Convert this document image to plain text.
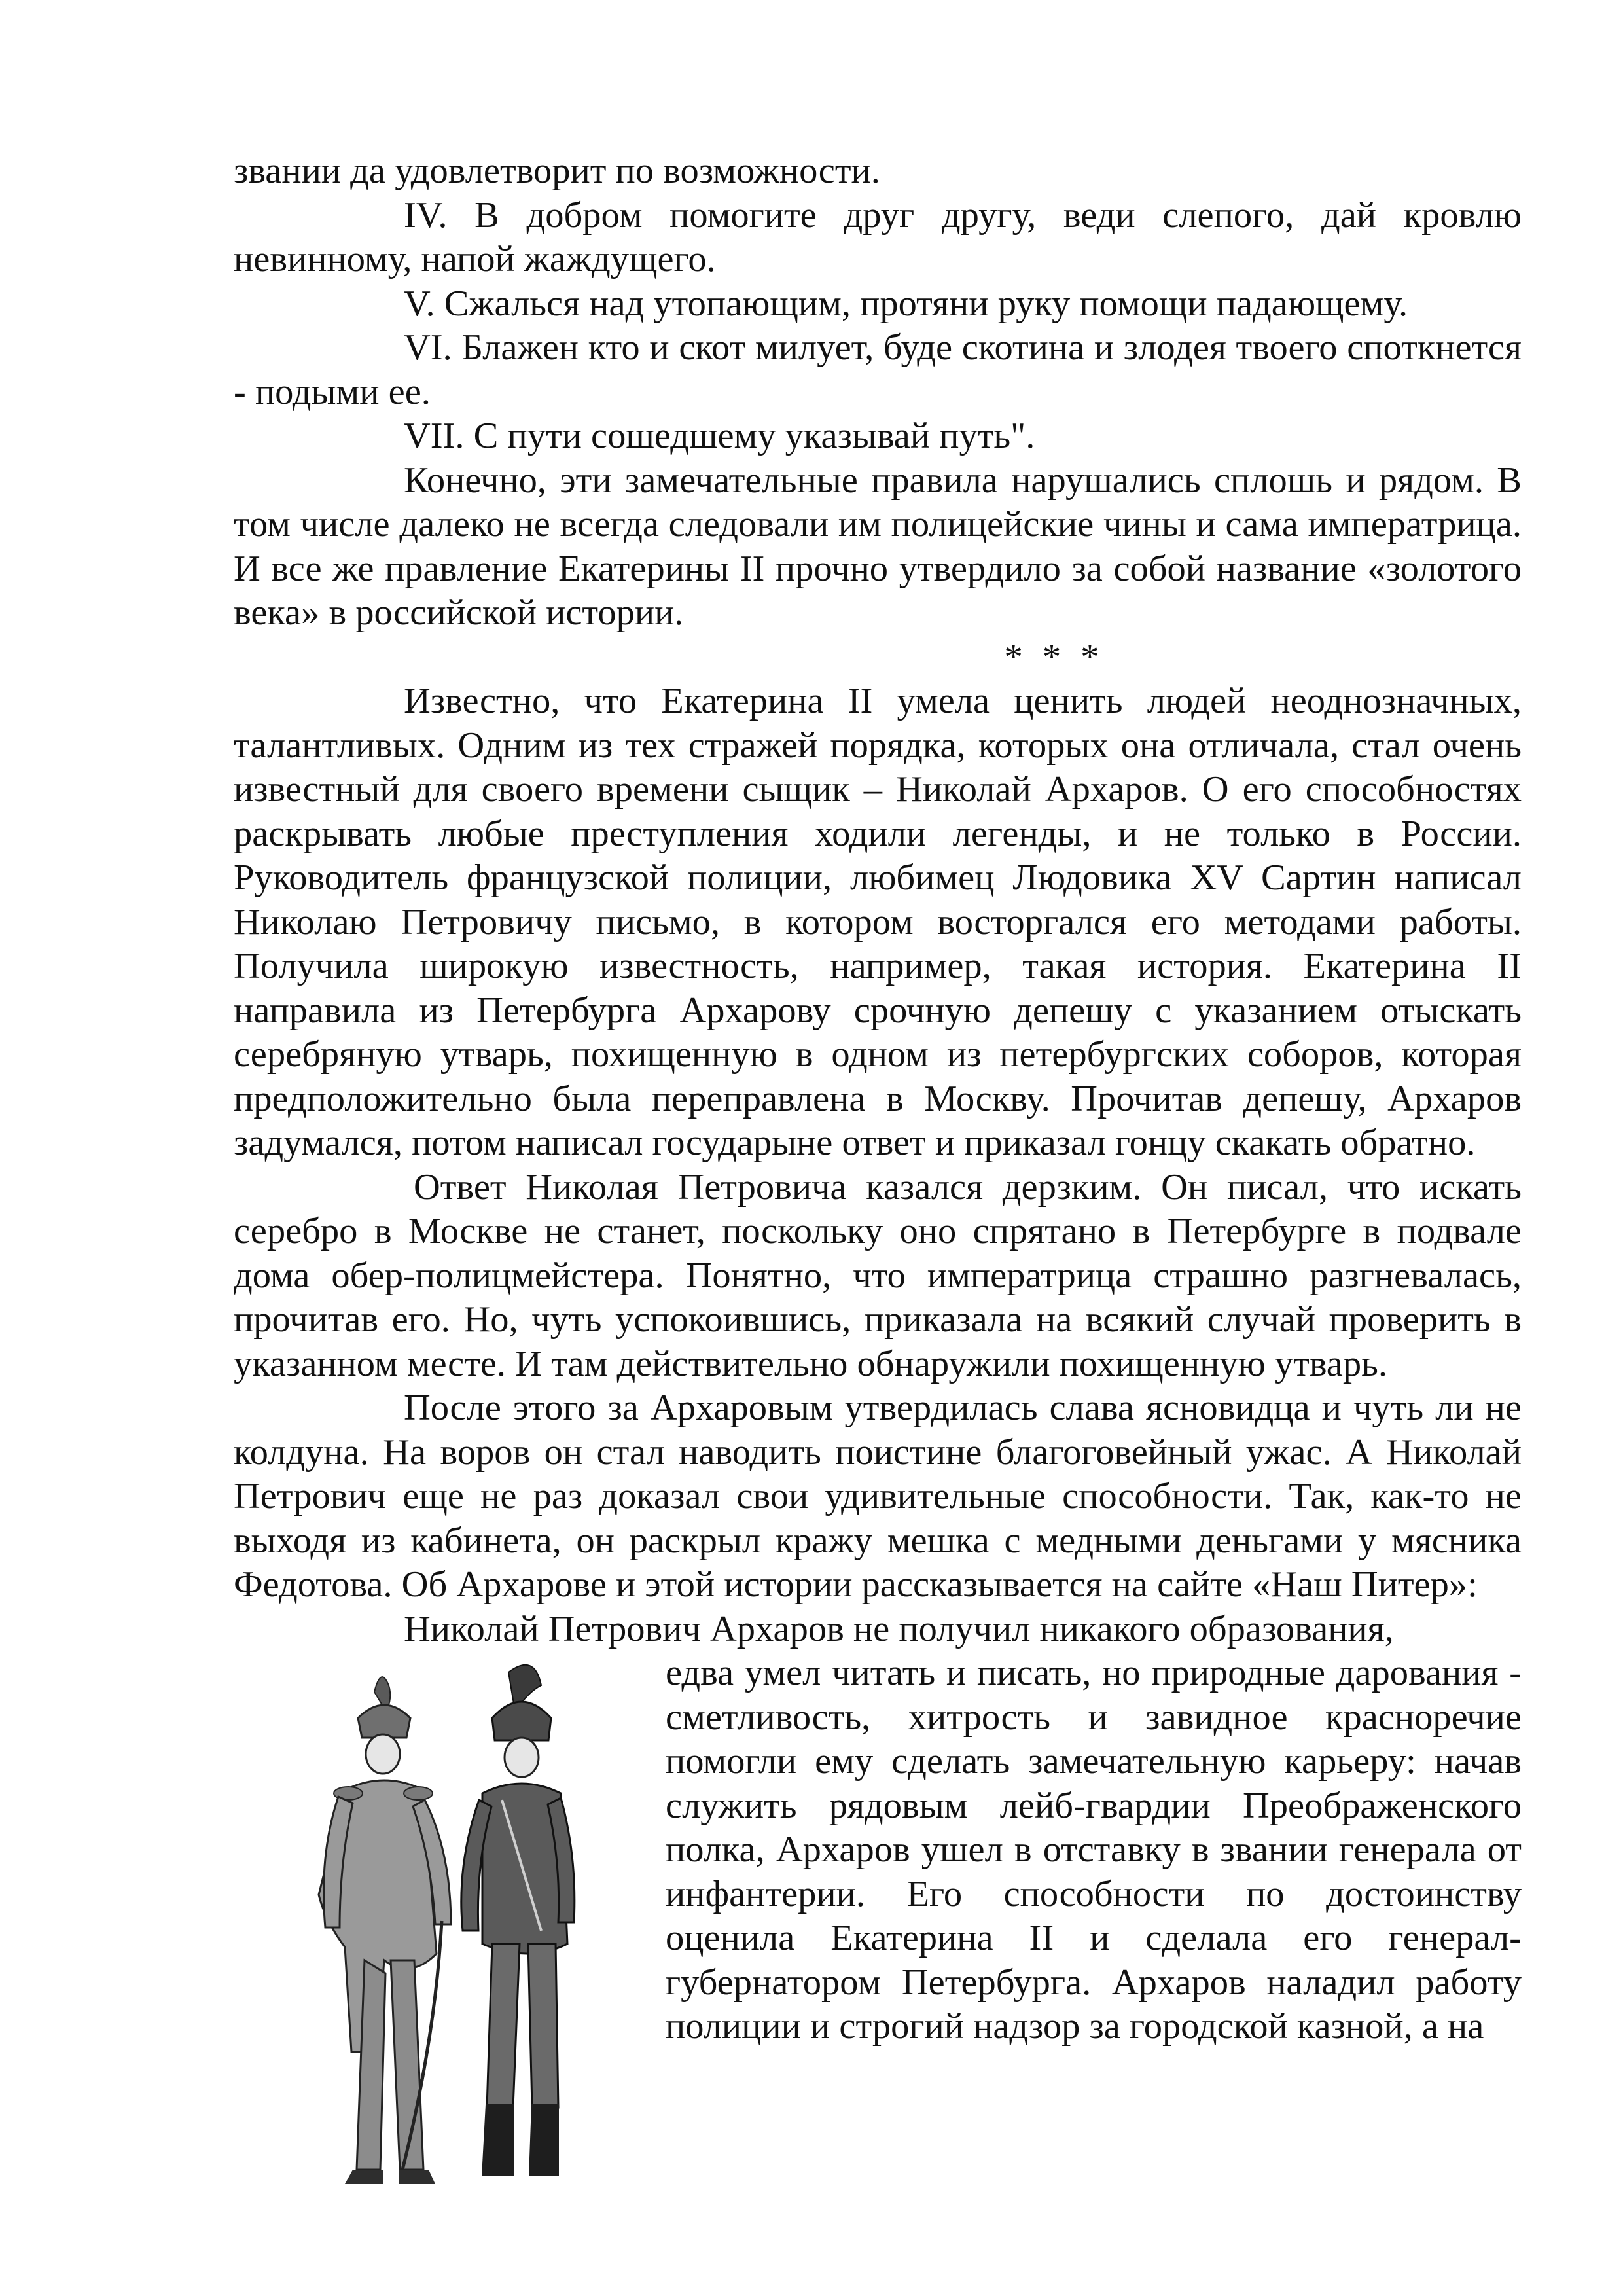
звании да удовлетворит по возможности.

IV. В добром помогите друг другу, веди слепого, дай кровлю невинному, напой жаждущего.

V. Сжалься над утопающим, протяни руку помощи падающему.

VI. Блажен кто и скот милует, буде скотина и злодея твоего споткнется - подыми ее.

VII. С пути сошедшему указывай путь".

Конечно, эти замечательные правила нарушались сплошь и рядом. В том числе далеко не всегда следовали им полицейские чины и сама императрица. И все же правление Екатерины II прочно утвердило за собой название «золотого века» в российской истории.

* * *

Известно, что Екатерина II умела ценить людей неоднозначных, талантливых. Одним из тех стражей порядка, которых она отличала, стал очень известный для своего времени сыщик – Николай Архаров. О его способностях раскрывать любые преступления ходили легенды, и не только в России. Руководитель французской полиции, любимец Людовика XV Сартин написал Николаю Петровичу письмо, в котором восторгался его методами работы. Получила широкую известность, например, такая история. Екатерина II направила из Петербурга Архарову срочную депешу с указанием отыскать серебряную утварь, похищенную в одном из петербургских соборов, которая предположительно была переправлена в Москву. Прочитав депешу, Архаров задумался, потом написал государыне ответ и приказал гонцу скакать обратно.

Ответ Николая Петровича казался дерзким. Он писал, что искать серебро в Москве не станет, поскольку оно спрятано в Петербурге в подвале дома обер-полицмейстера. Понятно, что императрица страшно разгневалась, прочитав его. Но, чуть успокоившись, приказала на всякий случай проверить в указанном месте. И там действительно обнаружили похищенную утварь.

После этого за Архаровым утвердилась слава ясновидца и чуть ли не колдуна. На воров он стал наводить поистине благоговейный ужас. А Николай Петрович еще не раз доказал свои удивительные способности. Так, как-то не выходя из кабинета, он раскрыл кражу мешка с медными деньгами у мясника Федотова. Об Архарове и этой истории рассказывается на сайте «Наш Питер»:

Николай Петрович Архаров не получил никакого образования,

едва умел читать и писать, но природные дарования - сметливость, хитрость и завидное красноречие помогли ему сделать замечательную карьеру: начав служить рядовым лейб-гвардии Преображенского полка, Архаров ушел в отставку в звании генерала от инфантерии. Его способности по достоинству оценила Екатерина II и сделала его генерал-губернатором Петербурга. Архаров наладил работу полиции и строгий надзор за городской казной, а на
